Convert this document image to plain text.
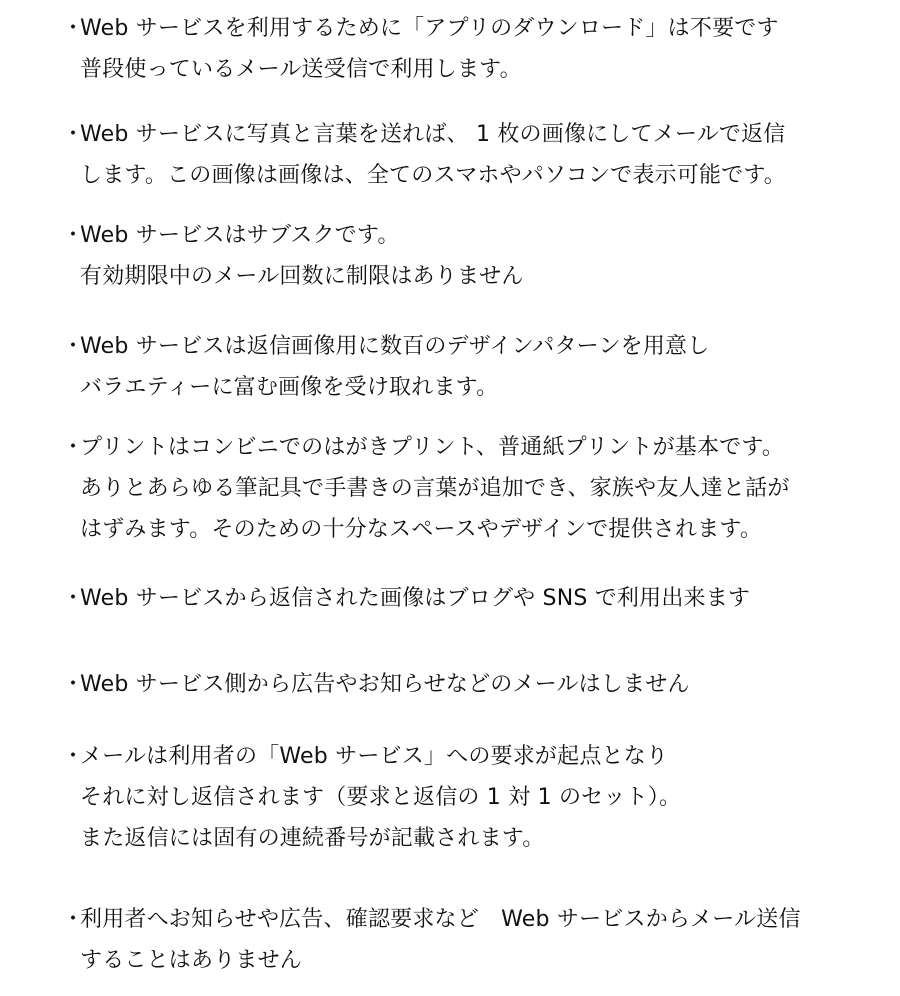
・
Web サービスを利用するために「アプリのダウンロード」は不要です
普段使っているメール送受信で利用します。
・
Web サービスに写真と言葉を送れば、 1 枚の画像にしてメールで返信
します。この画像は画像は、全てのスマホやパソコンで表示可能です。
・
Web サービスはサブスクです。
有効期限中のメール回数に制限はありません
・
Web サービスは返信画像用に数百のデザインパターンを用意し
バラエティーに富む画像を受け取れます。
・
プリントはコンビニでのはがきプリント、普通紙プリントが基本です。
ありとあらゆる筆記具で手書きの言葉が追加でき、家族や友人達と話が
はずみます。そのための十分なスペースやデザインで提供されます。
・
Web サービスから返信された画像はブログや SNS で利用出来ます
・
Web サービス側から広告やお知らせなどのメールはしません
・
メールは利用者の「Web サービス」への要求が起点となり
それに対し返信されます（要求と返信の 1 対 1 のセット）。
また返信には固有の連続番号が記載されます。
・
利用者へお知らせや広告、確認要求など　Web サービスからメール送信
することはありません
